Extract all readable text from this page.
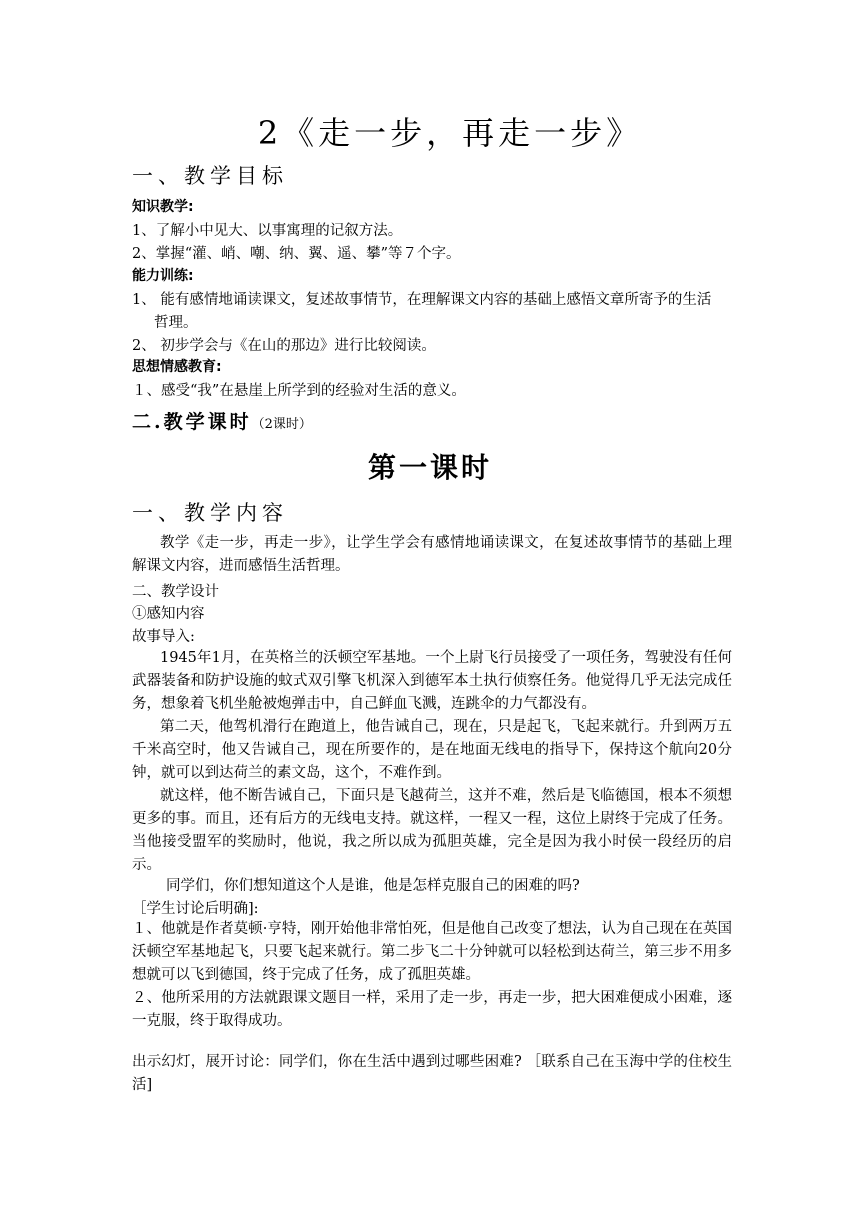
2《走一步，再走一步》
一、教学目标
知识教学:
1、了解小中见大、以事寓理的记叙方法。
2、掌握“灌、峭、嘲、纳、翼、遥、攀”等７个字。
能力训练:
1、 能有感情地诵读课文，复述故事情节，在理解课文内容的基础上感悟文章所寄予的生活
哲理。
2、 初步学会与《在山的那边》进行比较阅读。
思想情感教育:
１、感受“我”在悬崖上所学到的经验对生活的意义。
二.教学课时（2课时）
第一课时
一、教学内容
教学《走一步，再走一步》，让学生学会有感情地诵读课文，在复述故事情节的基础上理解课文内容，进而感悟生活哲理。
二、教学设计
①感知内容
故事导入:
1945年1月，在英格兰的沃顿空军基地。一个上尉飞行员接受了一项任务，驾驶没有任何武器装备和防护设施的蚊式双引擎飞机深入到德军本土执行侦察任务。他觉得几乎无法完成任务，想象着飞机坐舱被炮弹击中，自己鲜血飞溅，连跳伞的力气都没有。
第二天，他驾机滑行在跑道上，他告诫自己，现在，只是起飞，飞起来就行。升到两万五千米高空时，他又告诫自己，现在所要作的，是在地面无线电的指导下，保持这个航向20分钟，就可以到达荷兰的素文岛，这个，不难作到。
就这样，他不断告诫自己，下面只是飞越荷兰，这并不难，然后是飞临德国，根本不须想更多的事。而且，还有后方的无线电支持。就这样，一程又一程，这位上尉终于完成了任务。当他接受盟军的奖励时，他说，我之所以成为孤胆英雄，完全是因为我小时侯一段经历的启示。
同学们，你们想知道这个人是谁，他是怎样克服自己的困难的吗?
［学生讨论后明确]:
１、他就是作者莫顿·亨特，刚开始他非常怕死，但是他自己改变了想法，认为自己现在在英国沃顿空军基地起飞，只要飞起来就行。第二步飞二十分钟就可以轻松到达荷兰，第三步不用多想就可以飞到德国，终于完成了任务，成了孤胆英雄。
２、他所采用的方法就跟课文题目一样，采用了走一步，再走一步，把大困难便成小困难，逐一克服，终于取得成功。
出示幻灯，展开讨论：同学们，你在生活中遇到过哪些困难? ［联系自己在玉海中学的住校生活]
